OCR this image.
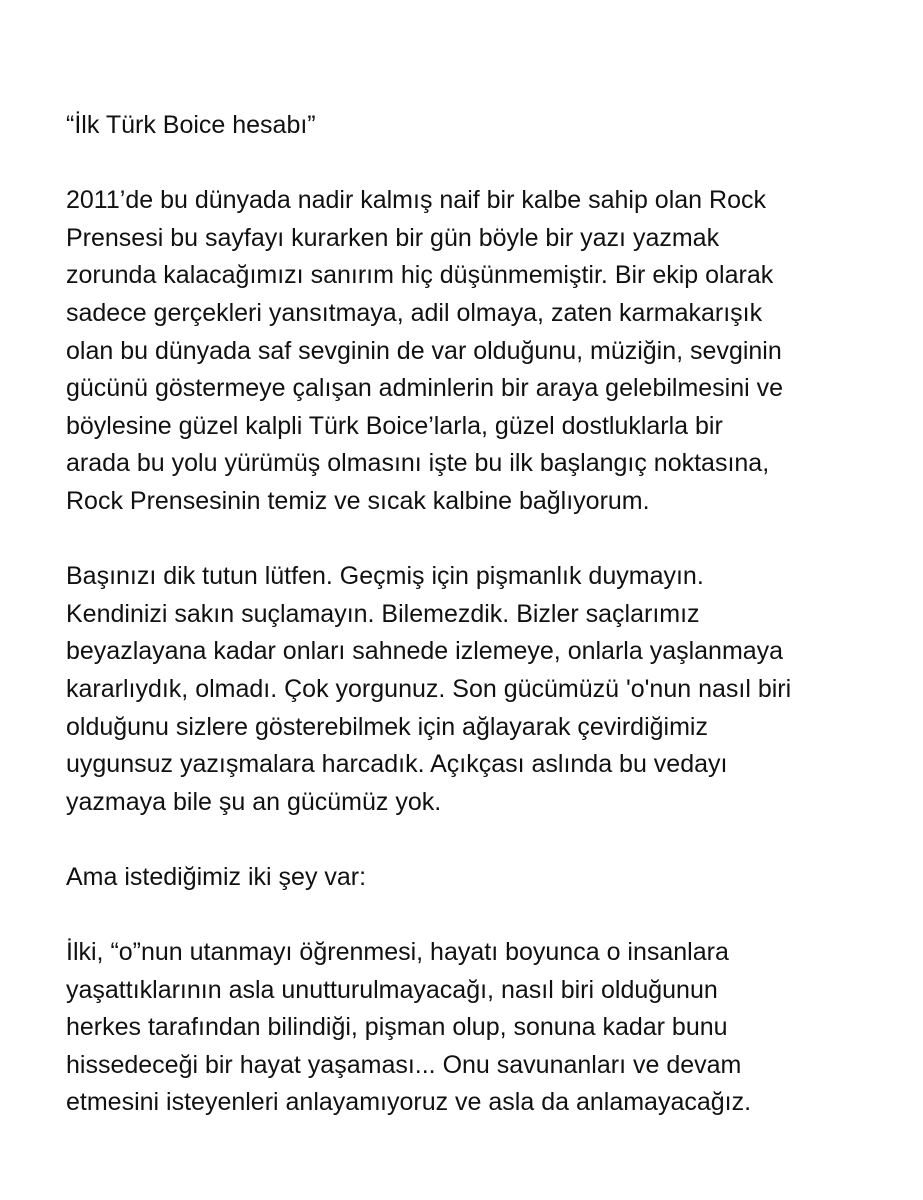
“İlk Türk Boice hesabı”

2011’de bu dünyada nadir kalmış naif bir kalbe sahip olan Rock
Prensesi bu sayfayı kurarken bir gün böyle bir yazı yazmak
zorunda kalacağımızı sanırım hiç düşünmemiştir. Bir ekip olarak
sadece gerçekleri yansıtmaya, adil olmaya, zaten karmakarışık
olan bu dünyada saf sevginin de var olduğunu, müziğin, sevginin
gücünü göstermeye çalışan adminlerin bir araya gelebilmesini ve
böylesine güzel kalpli Türk Boice’larla, güzel dostluklarla bir
arada bu yolu yürümüş olmasını işte bu ilk başlangıç noktasına,
Rock Prensesinin temiz ve sıcak kalbine bağlıyorum.

Başınızı dik tutun lütfen. Geçmiş için pişmanlık duymayın.
Kendinizi sakın suçlamayın. Bilemezdik. Bizler saçlarımız
beyazlayana kadar onları sahnede izlemeye, onlarla yaşlanmaya
kararlıydık, olmadı. Çok yorgunuz. Son gücümüzü 'o'nun nasıl biri
olduğunu sizlere gösterebilmek için ağlayarak çevirdiğimiz
uygunsuz yazışmalara harcadık. Açıkçası aslında bu vedayı
yazmaya bile şu an gücümüz yok.

Ama istediğimiz iki şey var:

İlki, “o”nun utanmayı öğrenmesi, hayatı boyunca o insanlara
yaşattıklarının asla unutturulmayacağı, nasıl biri olduğunun
herkes tarafından bilindiği, pişman olup, sonuna kadar bunu
hissedeceği bir hayat yaşaması... Onu savunanları ve devam
etmesini isteyenleri anlayamıyoruz ve asla da anlamayacağız.
